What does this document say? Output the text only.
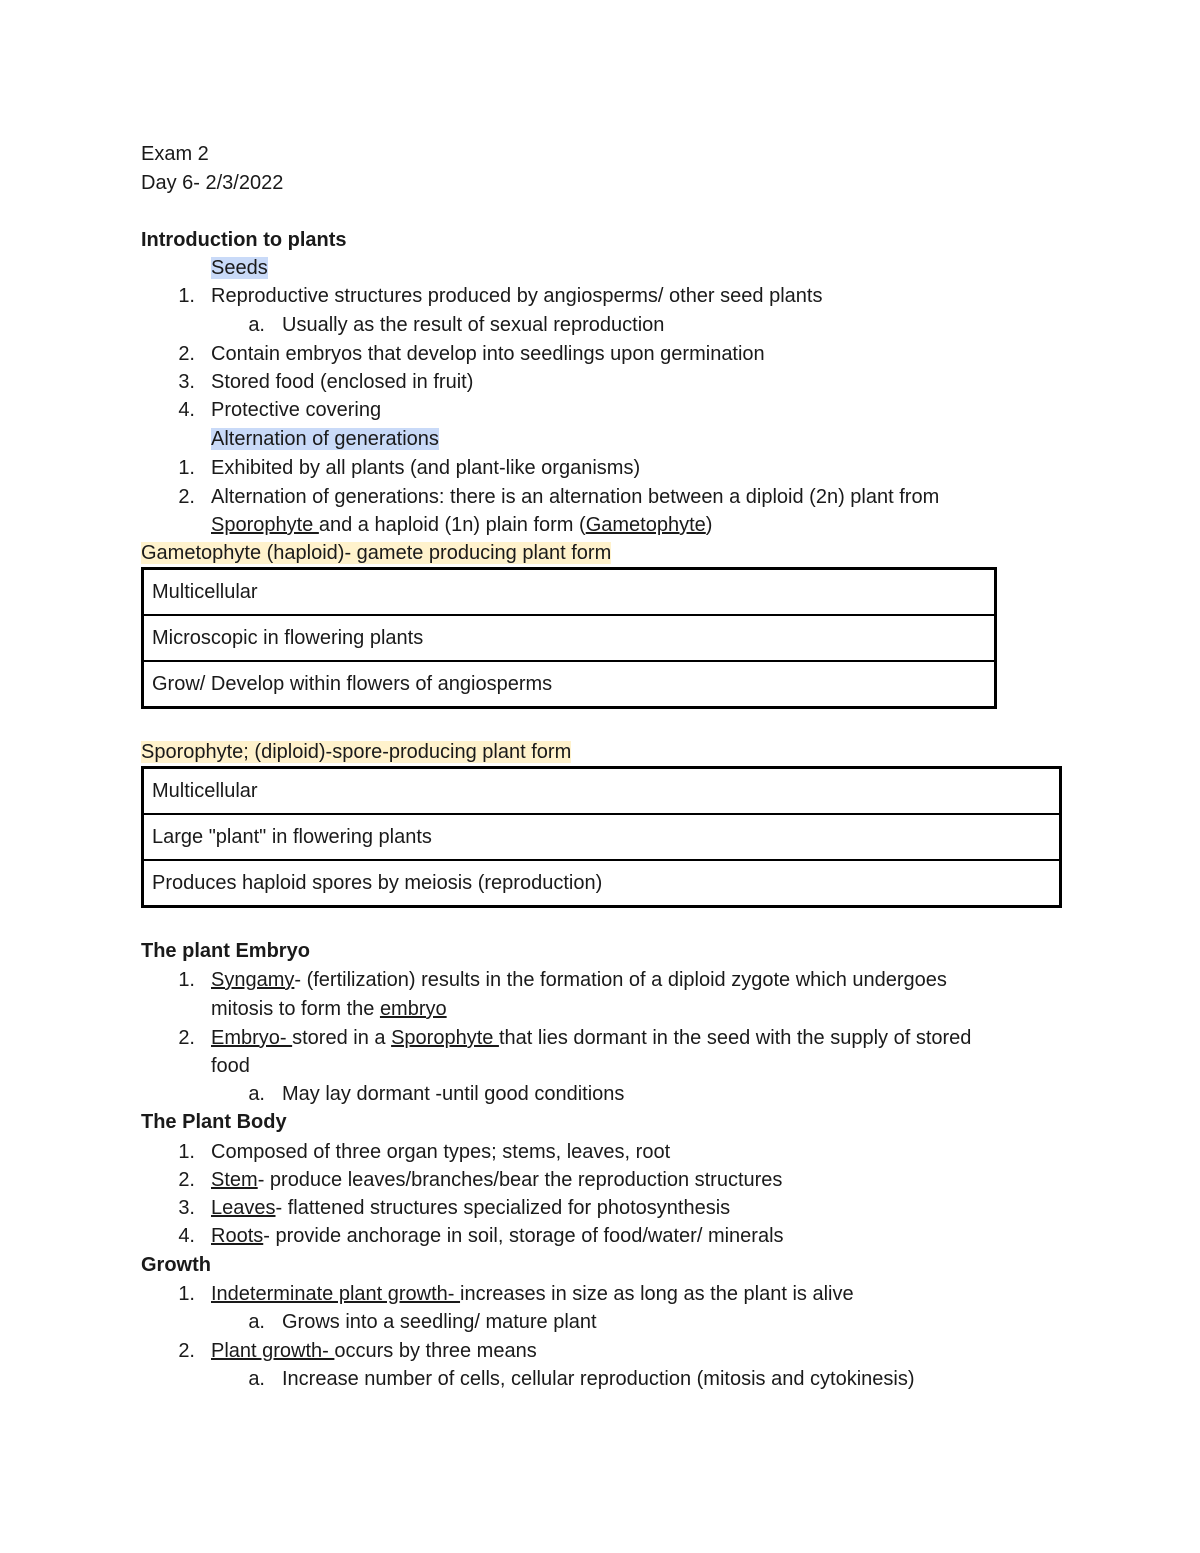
Exam 2
Day 6- 2/3/2022
Introduction to plants
Seeds
1. Reproductive structures produced by angiosperms/ other seed plants
a. Usually as the result of sexual reproduction
2. Contain embryos that develop into seedlings upon germination
3. Stored food (enclosed in fruit)
4. Protective covering
Alternation of generations
1. Exhibited by all plants (and plant-like organisms)
2. Alternation of generations: there is an alternation between a diploid (2n) plant from
Sporophyte and a haploid (1n) plain form (Gametophyte)
Gametophyte (haploid)- gamete producing plant form
Multicellular
Microscopic in flowering plants
Grow/ Develop within flowers of angiosperms
Sporophyte; (diploid)-spore-producing plant form
Multicellular
Large "plant" in flowering plants
Produces haploid spores by meiosis (reproduction)
The plant Embryo
1. Syngamy- (fertilization) results in the formation of a diploid zygote which undergoes
mitosis to form the embryo
2. Embryo- stored in a Sporophyte that lies dormant in the seed with the supply of stored
food
a. May lay dormant -until good conditions
The Plant Body
1. Composed of three organ types; stems, leaves, root
2. Stem- produce leaves/branches/bear the reproduction structures
3. Leaves- flattened structures specialized for photosynthesis
4. Roots- provide anchorage in soil, storage of food/water/ minerals
Growth
1. Indeterminate plant growth- increases in size as long as the plant is alive
a. Grows into a seedling/ mature plant
2. Plant growth- occurs by three means
a. Increase number of cells, cellular reproduction (mitosis and cytokinesis)
